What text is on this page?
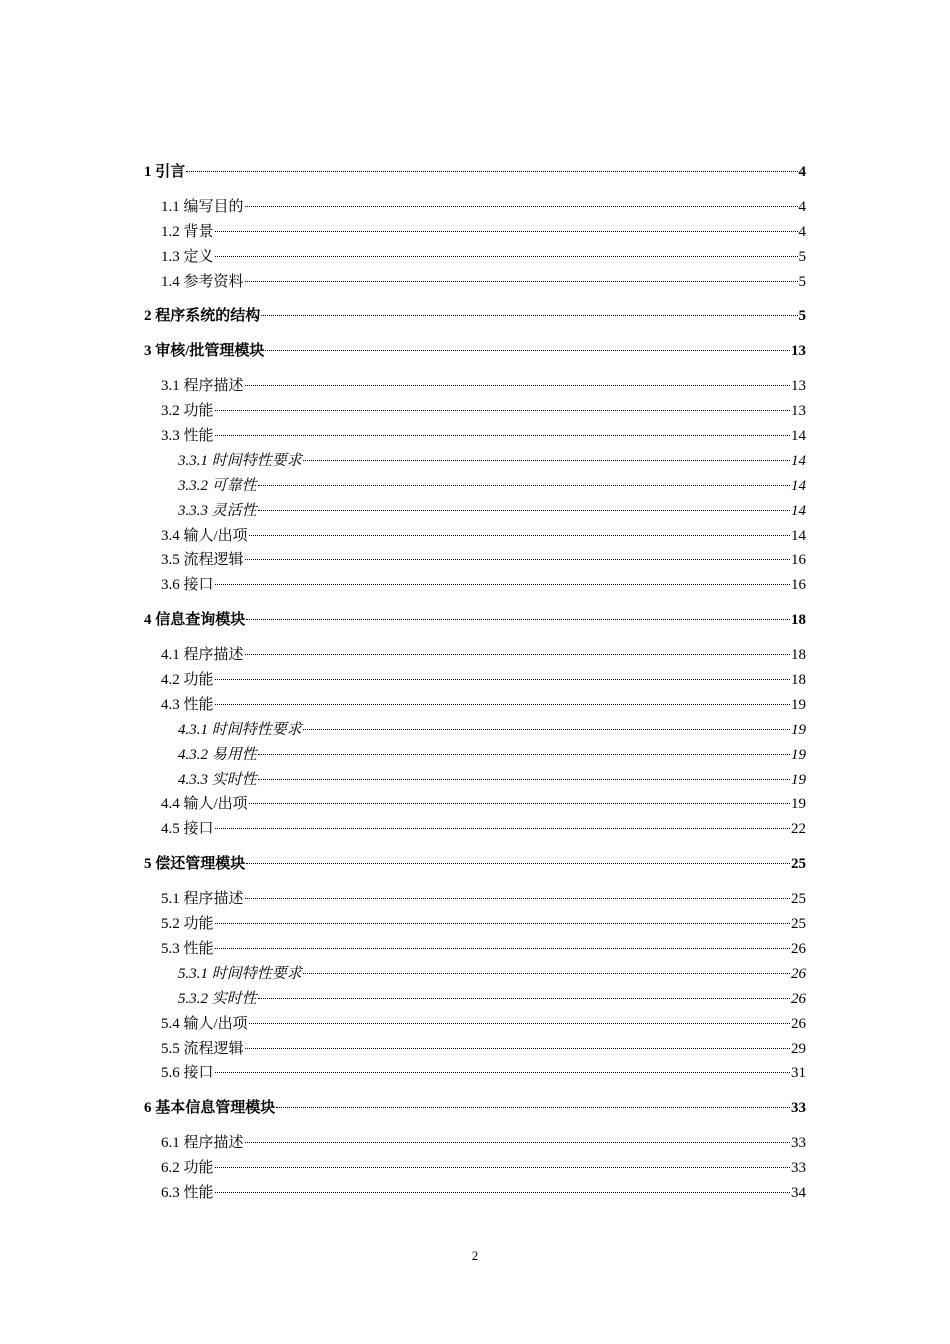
1 引言	4
1.1 编写目的	4
1.2 背景	4
1.3 定义	5
1.4 参考资料	5
2 程序系统的结构	5
3 审核/批管理模块	13
3.1 程序描述	13
3.2 功能	13
3.3 性能	14
3.3.1 时间特性要求	14
3.3.2 可靠性	14
3.3.3 灵活性	14
3.4 输人/出项	14
3.5 流程逻辑	16
3.6 接口	16
4 信息查询模块	18
4.1 程序描述	18
4.2 功能	18
4.3 性能	19
4.3.1 时间特性要求	19
4.3.2 易用性	19
4.3.3 实时性	19
4.4 输人/出项	19
4.5 接口	22
5 偿还管理模块	25
5.1 程序描述	25
5.2 功能	25
5.3 性能	26
5.3.1 时间特性要求	26
5.3.2 实时性	26
5.4 输人/出项	26
5.5 流程逻辑	29
5.6 接口	31
6 基本信息管理模块	33
6.1 程序描述	33
6.2 功能	33
6.3 性能	34
2
